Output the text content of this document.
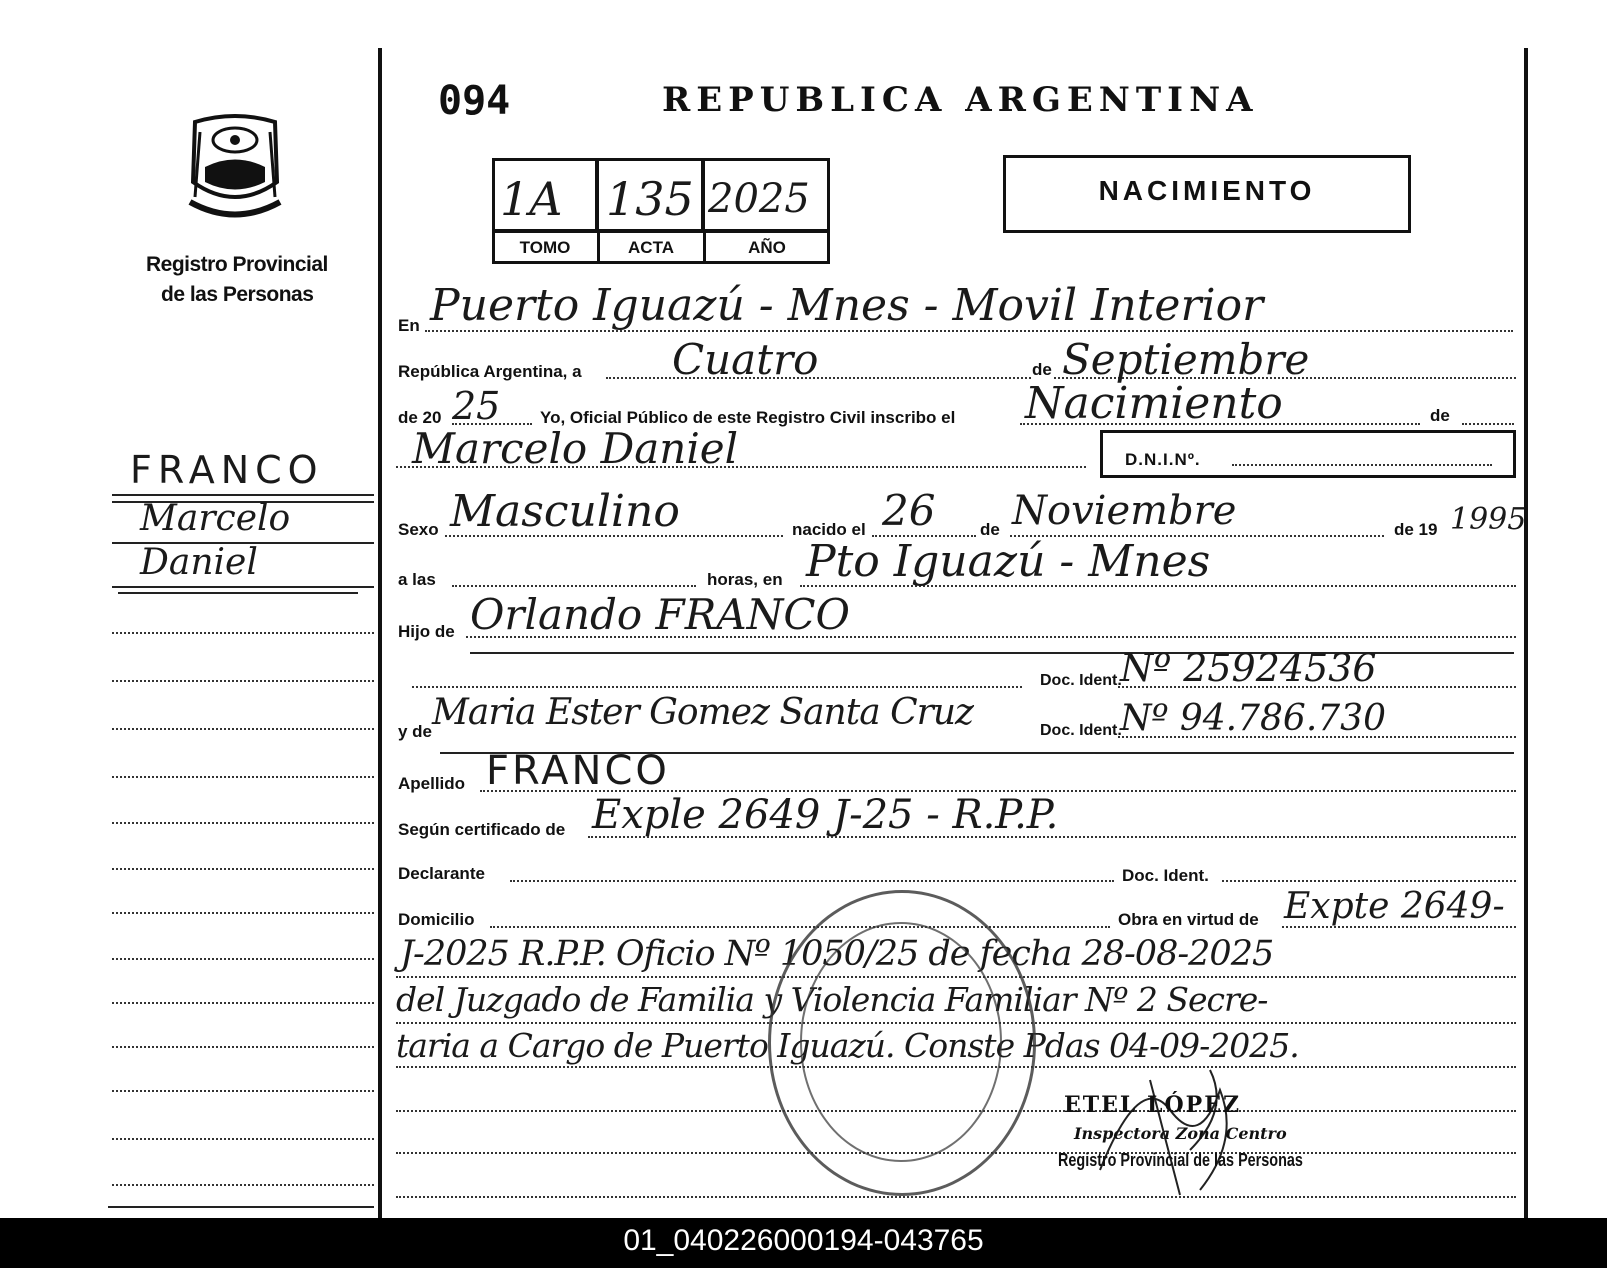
Registro Provincial
de las Personas
094	REPUBLICA ARGENTINA
1A 135 2025
TOMO	ACTA	AÑO
NACIMIENTO
FRANCO
Marcelo
Daniel
En Puerto Iguazú - Mnes - Movil Interior
República Argentina, a Cuatro	de Septiembre
de 20 25 Yo, Oficial Público de este Registro Civil inscribo el Nacimiento	de
Marcelo Daniel	D.N.I.Nº.
Sexo Masculino	nacido el 26	de Noviembre	de 19 1995
a las	horas, en Pto Iguazú - Mnes
Hijo de Orlando FRANCO
Doc. Ident.
Nº 25924536
y de Maria Ester Gomez Santa Cruz	Doc. Ident.
Nº 94.786.730
Apellido FRANCO
Según certificado de Exple 2649 J-25 - R.P.P.
Declarante	Doc. Ident.
Domicilio	Obra en virtud de Expte 2649-
J-2025 R.P.P. Oficio Nº 1050/25 de fecha 28-08-2025
del Juzgado de Familia y Violencia Familiar Nº 2 Secre-
taria a Cargo de Puerto Iguazú. Conste Pdas 04-09-2025.
ETEL LÓPEZ
Inspectora Zona Centro
Registro Provincial de las Personas
01_040226000194-043765
